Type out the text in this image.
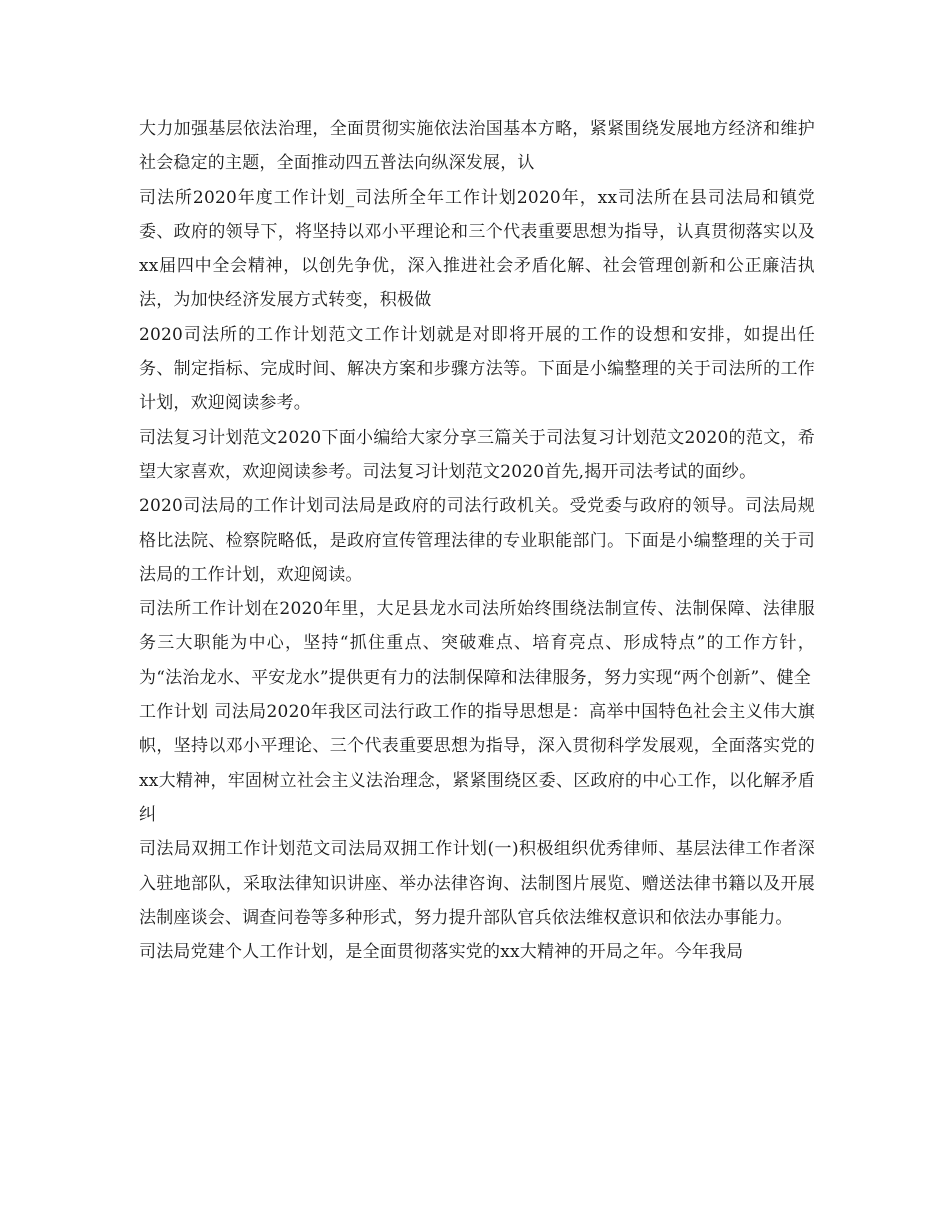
大力加强基层依法治理，全面贯彻实施依法治国基本方略，紧紧围绕发展地方经济和维护社会稳定的主题，全面推动四五普法向纵深发展，认

司法所2020年度工作计划_司法所全年工作计划2020年，xx司法所在县司法局和镇党委、政府的领导下，将坚持以邓小平理论和三个代表重要思想为指导，认真贯彻落实以及xx届四中全会精神，以创先争优，深入推进社会矛盾化解、社会管理创新和公正廉洁执法，为加快经济发展方式转变，积极做

2020司法所的工作计划范文工作计划就是对即将开展的工作的设想和安排，如提出任务、制定指标、完成时间、解决方案和步骤方法等。下面是小编整理的关于司法所的工作计划，欢迎阅读参考。

司法复习计划范文2020下面小编给大家分享三篇关于司法复习计划范文2020的范文，希望大家喜欢，欢迎阅读参考。司法复习计划范文2020首先,揭开司法考试的面纱。

2020司法局的工作计划司法局是政府的司法行政机关。受党委与政府的领导。司法局规格比法院、检察院略低，是政府宣传管理法律的专业职能部门。下面是小编整理的关于司法局的工作计划，欢迎阅读。

司法所工作计划在2020年里，大足县龙水司法所始终围绕法制宣传、法制保障、法律服务三大职能为中心，坚持“抓住重点、突破难点、培育亮点、形成特点”的工作方针，为“法治龙水、平安龙水”提供更有力的法制保障和法律服务，努力实现“两个创新”、健全

工作计划 司法局2020年我区司法行政工作的指导思想是：高举中国特色社会主义伟大旗帜，坚持以邓小平理论、三个代表重要思想为指导，深入贯彻科学发展观，全面落实党的xx大精神，牢固树立社会主义法治理念，紧紧围绕区委、区政府的中心工作，以化解矛盾纠

司法局双拥工作计划范文司法局双拥工作计划(一)积极组织优秀律师、基层法律工作者深入驻地部队，采取法律知识讲座、举办法律咨询、法制图片展览、赠送法律书籍以及开展法制座谈会、调查问卷等多种形式，努力提升部队官兵依法维权意识和依法办事能力。

司法局党建个人工作计划，是全面贯彻落实党的xx大精神的开局之年。今年我局
